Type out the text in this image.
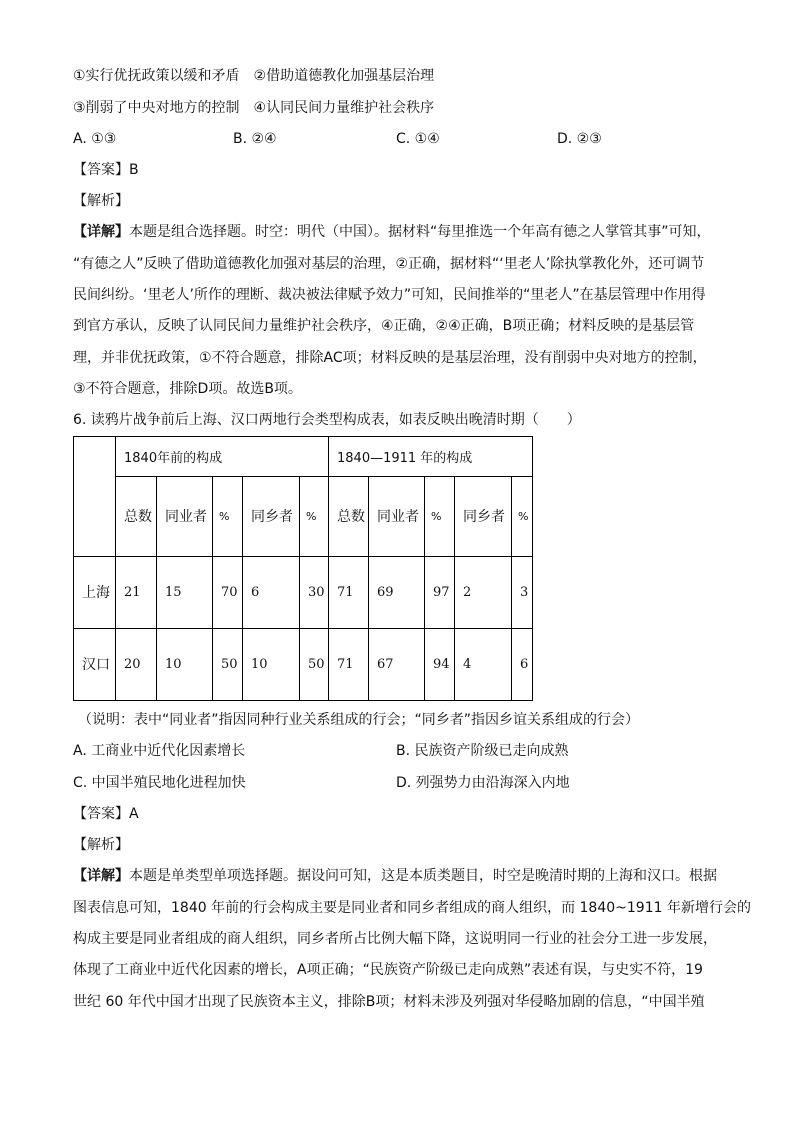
①实行优抚政策以缓和矛盾　②借助道德教化加强基层治理
③削弱了中央对地方的控制　④认同民间力量维护社会秩序
A. ①③	B. ②④	C. ①④	D. ②③
【答案】B
【解析】
【详解】本题是组合选择题。时空：明代（中国）。据材料“每里推选一个年高有德之人掌管其事”可知，
“有德之人”反映了借助道德教化加强对基层的治理，②正确，据材料“‘里老人’除执掌教化外，还可调节
民间纠纷。‘里老人’所作的理断、裁决被法律赋予效力”可知，民间推举的“里老人”在基层管理中作用得
到官方承认，反映了认同民间力量维护社会秩序，④正确，②④正确，B项正确；材料反映的是基层管
理，并非优抚政策，①不符合题意，排除AC项；材料反映的是基层治理，没有削弱中央对地方的控制，
③不符合题意，排除D项。故选B项。
6. 读鸦片战争前后上海、汉口两地行会类型构成表，如表反映出晚清时期（　　）
	1840年前的构成					1840—1911 年的构成				
	总数	同业者	%	同乡者	%	总数	同业者	%	同乡者	%
上海	21	15	70	6	30	71	69	97	2	3
汉口	20	10	50	10	50	71	67	94	4	6
（说明：表中“同业者”指因同种行业关系组成的行会；“同乡者”指因乡谊关系组成的行会）
A. 工商业中近代化因素增长	B. 民族资产阶级已走向成熟
C. 中国半殖民地化进程加快	D. 列强势力由沿海深入内地
【答案】A
【解析】
【详解】本题是单类型单项选择题。据设问可知，这是本质类题目，时空是晚清时期的上海和汉口。根据
图表信息可知，1840 年前的行会构成主要是同业者和同乡者组成的商人组织，而 1840~1911 年新增行会的
构成主要是同业者组成的商人组织，同乡者所占比例大幅下降，这说明同一行业的社会分工进一步发展，
体现了工商业中近代化因素的增长，A项正确；“民族资产阶级已走向成熟”表述有误，与史实不符，19
世纪 60 年代中国才出现了民族资本主义，排除B项；材料未涉及列强对华侵略加剧的信息，“中国半殖
